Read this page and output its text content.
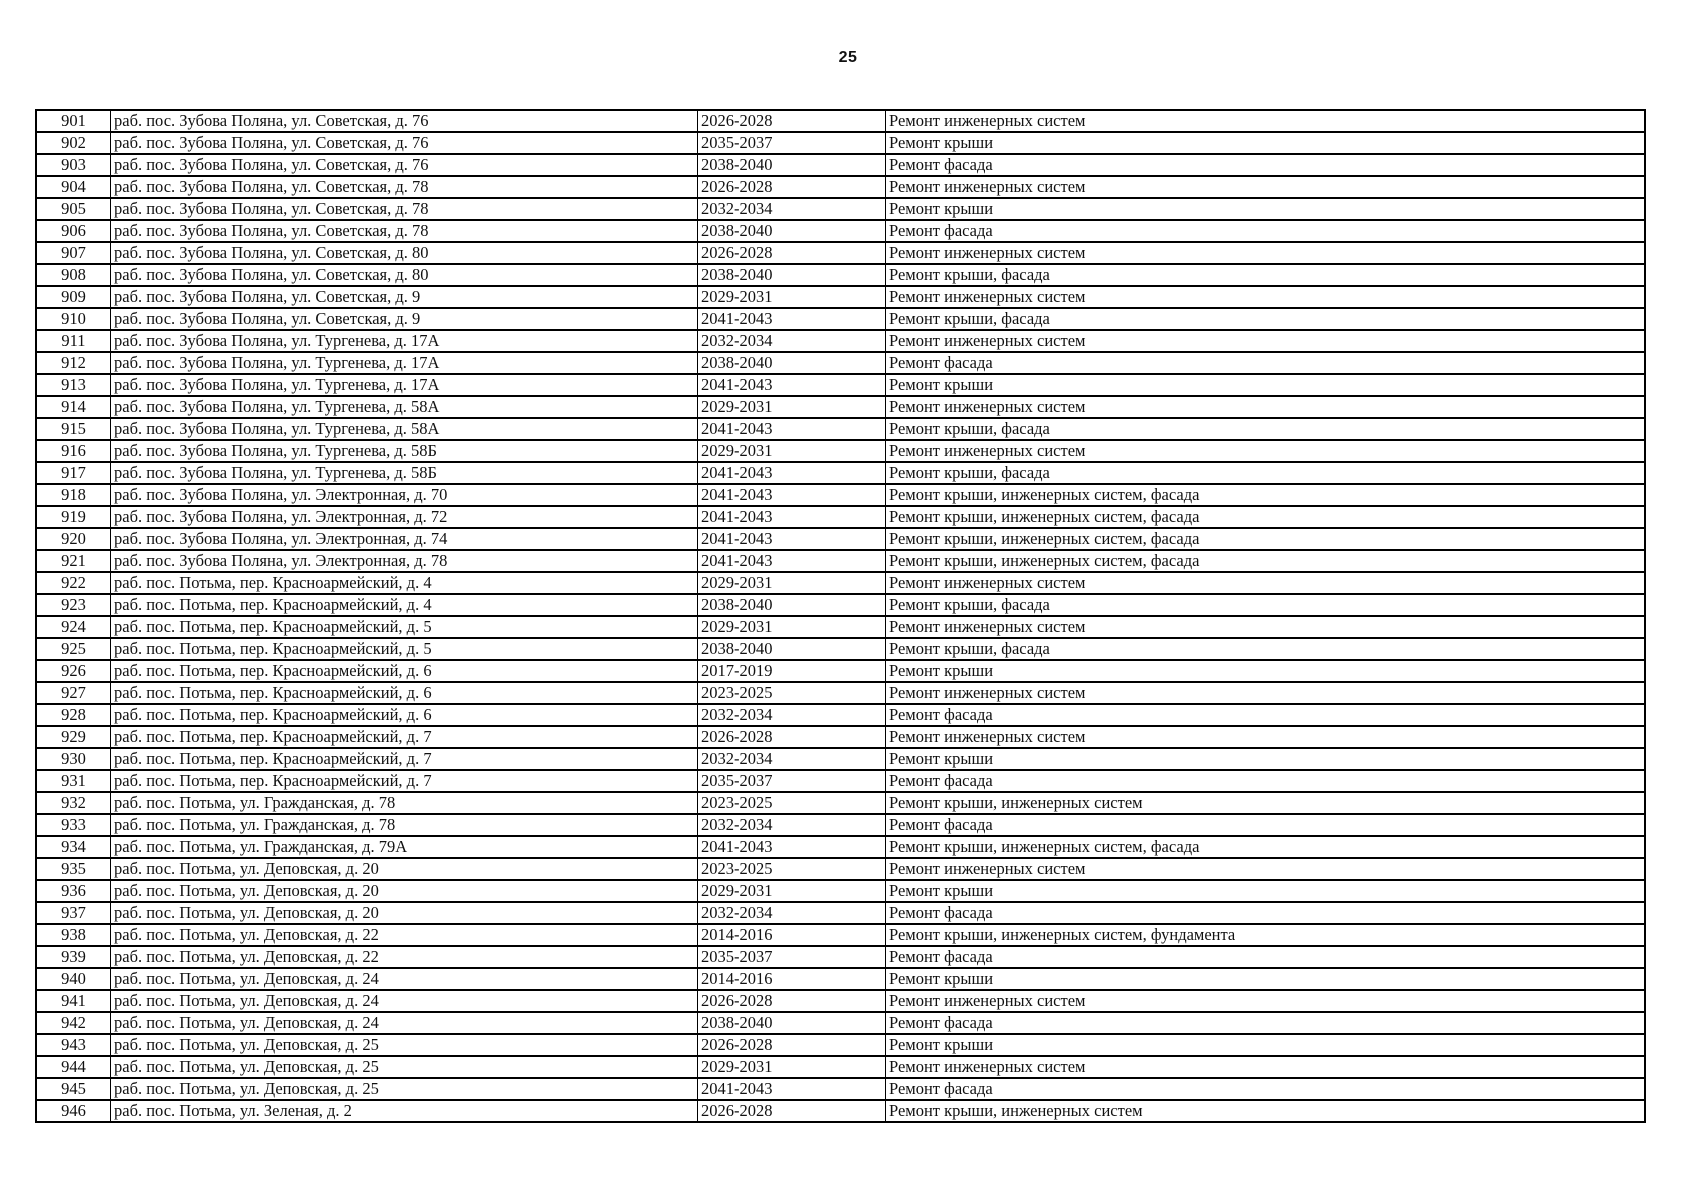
25
901	раб. пос. Зубова Поляна, ул. Советская, д. 76	2026-2028	Ремонт инженерных систем
902	раб. пос. Зубова Поляна, ул. Советская, д. 76	2035-2037	Ремонт крыши
903	раб. пос. Зубова Поляна, ул. Советская, д. 76	2038-2040	Ремонт фасада
904	раб. пос. Зубова Поляна, ул. Советская, д. 78	2026-2028	Ремонт инженерных систем
905	раб. пос. Зубова Поляна, ул. Советская, д. 78	2032-2034	Ремонт крыши
906	раб. пос. Зубова Поляна, ул. Советская, д. 78	2038-2040	Ремонт фасада
907	раб. пос. Зубова Поляна, ул. Советская, д. 80	2026-2028	Ремонт инженерных систем
908	раб. пос. Зубова Поляна, ул. Советская, д. 80	2038-2040	Ремонт крыши, фасада
909	раб. пос. Зубова Поляна, ул. Советская, д. 9	2029-2031	Ремонт инженерных систем
910	раб. пос. Зубова Поляна, ул. Советская, д. 9	2041-2043	Ремонт крыши, фасада
911	раб. пос. Зубова Поляна, ул. Тургенева, д. 17А	2032-2034	Ремонт инженерных систем
912	раб. пос. Зубова Поляна, ул. Тургенева, д. 17А	2038-2040	Ремонт фасада
913	раб. пос. Зубова Поляна, ул. Тургенева, д. 17А	2041-2043	Ремонт крыши
914	раб. пос. Зубова Поляна, ул. Тургенева, д. 58А	2029-2031	Ремонт инженерных систем
915	раб. пос. Зубова Поляна, ул. Тургенева, д. 58А	2041-2043	Ремонт крыши, фасада
916	раб. пос. Зубова Поляна, ул. Тургенева, д. 58Б	2029-2031	Ремонт инженерных систем
917	раб. пос. Зубова Поляна, ул. Тургенева, д. 58Б	2041-2043	Ремонт крыши, фасада
918	раб. пос. Зубова Поляна, ул. Электронная, д. 70	2041-2043	Ремонт крыши, инженерных систем, фасада
919	раб. пос. Зубова Поляна, ул. Электронная, д. 72	2041-2043	Ремонт крыши, инженерных систем, фасада
920	раб. пос. Зубова Поляна, ул. Электронная, д. 74	2041-2043	Ремонт крыши, инженерных систем, фасада
921	раб. пос. Зубова Поляна, ул. Электронная, д. 78	2041-2043	Ремонт крыши, инженерных систем, фасада
922	раб. пос. Потьма, пер. Красноармейский, д. 4	2029-2031	Ремонт инженерных систем
923	раб. пос. Потьма, пер. Красноармейский, д. 4	2038-2040	Ремонт крыши, фасада
924	раб. пос. Потьма, пер. Красноармейский, д. 5	2029-2031	Ремонт инженерных систем
925	раб. пос. Потьма, пер. Красноармейский, д. 5	2038-2040	Ремонт крыши, фасада
926	раб. пос. Потьма, пер. Красноармейский, д. 6	2017-2019	Ремонт крыши
927	раб. пос. Потьма, пер. Красноармейский, д. 6	2023-2025	Ремонт инженерных систем
928	раб. пос. Потьма, пер. Красноармейский, д. 6	2032-2034	Ремонт фасада
929	раб. пос. Потьма, пер. Красноармейский, д. 7	2026-2028	Ремонт инженерных систем
930	раб. пос. Потьма, пер. Красноармейский, д. 7	2032-2034	Ремонт крыши
931	раб. пос. Потьма, пер. Красноармейский, д. 7	2035-2037	Ремонт фасада
932	раб. пос. Потьма, ул. Гражданская, д. 78	2023-2025	Ремонт крыши, инженерных систем
933	раб. пос. Потьма, ул. Гражданская, д. 78	2032-2034	Ремонт фасада
934	раб. пос. Потьма, ул. Гражданская, д. 79А	2041-2043	Ремонт крыши, инженерных систем, фасада
935	раб. пос. Потьма, ул. Деповская, д. 20	2023-2025	Ремонт инженерных систем
936	раб. пос. Потьма, ул. Деповская, д. 20	2029-2031	Ремонт крыши
937	раб. пос. Потьма, ул. Деповская, д. 20	2032-2034	Ремонт фасада
938	раб. пос. Потьма, ул. Деповская, д. 22	2014-2016	Ремонт крыши, инженерных систем, фундамента
939	раб. пос. Потьма, ул. Деповская, д. 22	2035-2037	Ремонт фасада
940	раб. пос. Потьма, ул. Деповская, д. 24	2014-2016	Ремонт крыши
941	раб. пос. Потьма, ул. Деповская, д. 24	2026-2028	Ремонт инженерных систем
942	раб. пос. Потьма, ул. Деповская, д. 24	2038-2040	Ремонт фасада
943	раб. пос. Потьма, ул. Деповская, д. 25	2026-2028	Ремонт крыши
944	раб. пос. Потьма, ул. Деповская, д. 25	2029-2031	Ремонт инженерных систем
945	раб. пос. Потьма, ул. Деповская, д. 25	2041-2043	Ремонт фасада
946	раб. пос. Потьма, ул. Зеленая, д. 2	2026-2028	Ремонт крыши, инженерных систем
